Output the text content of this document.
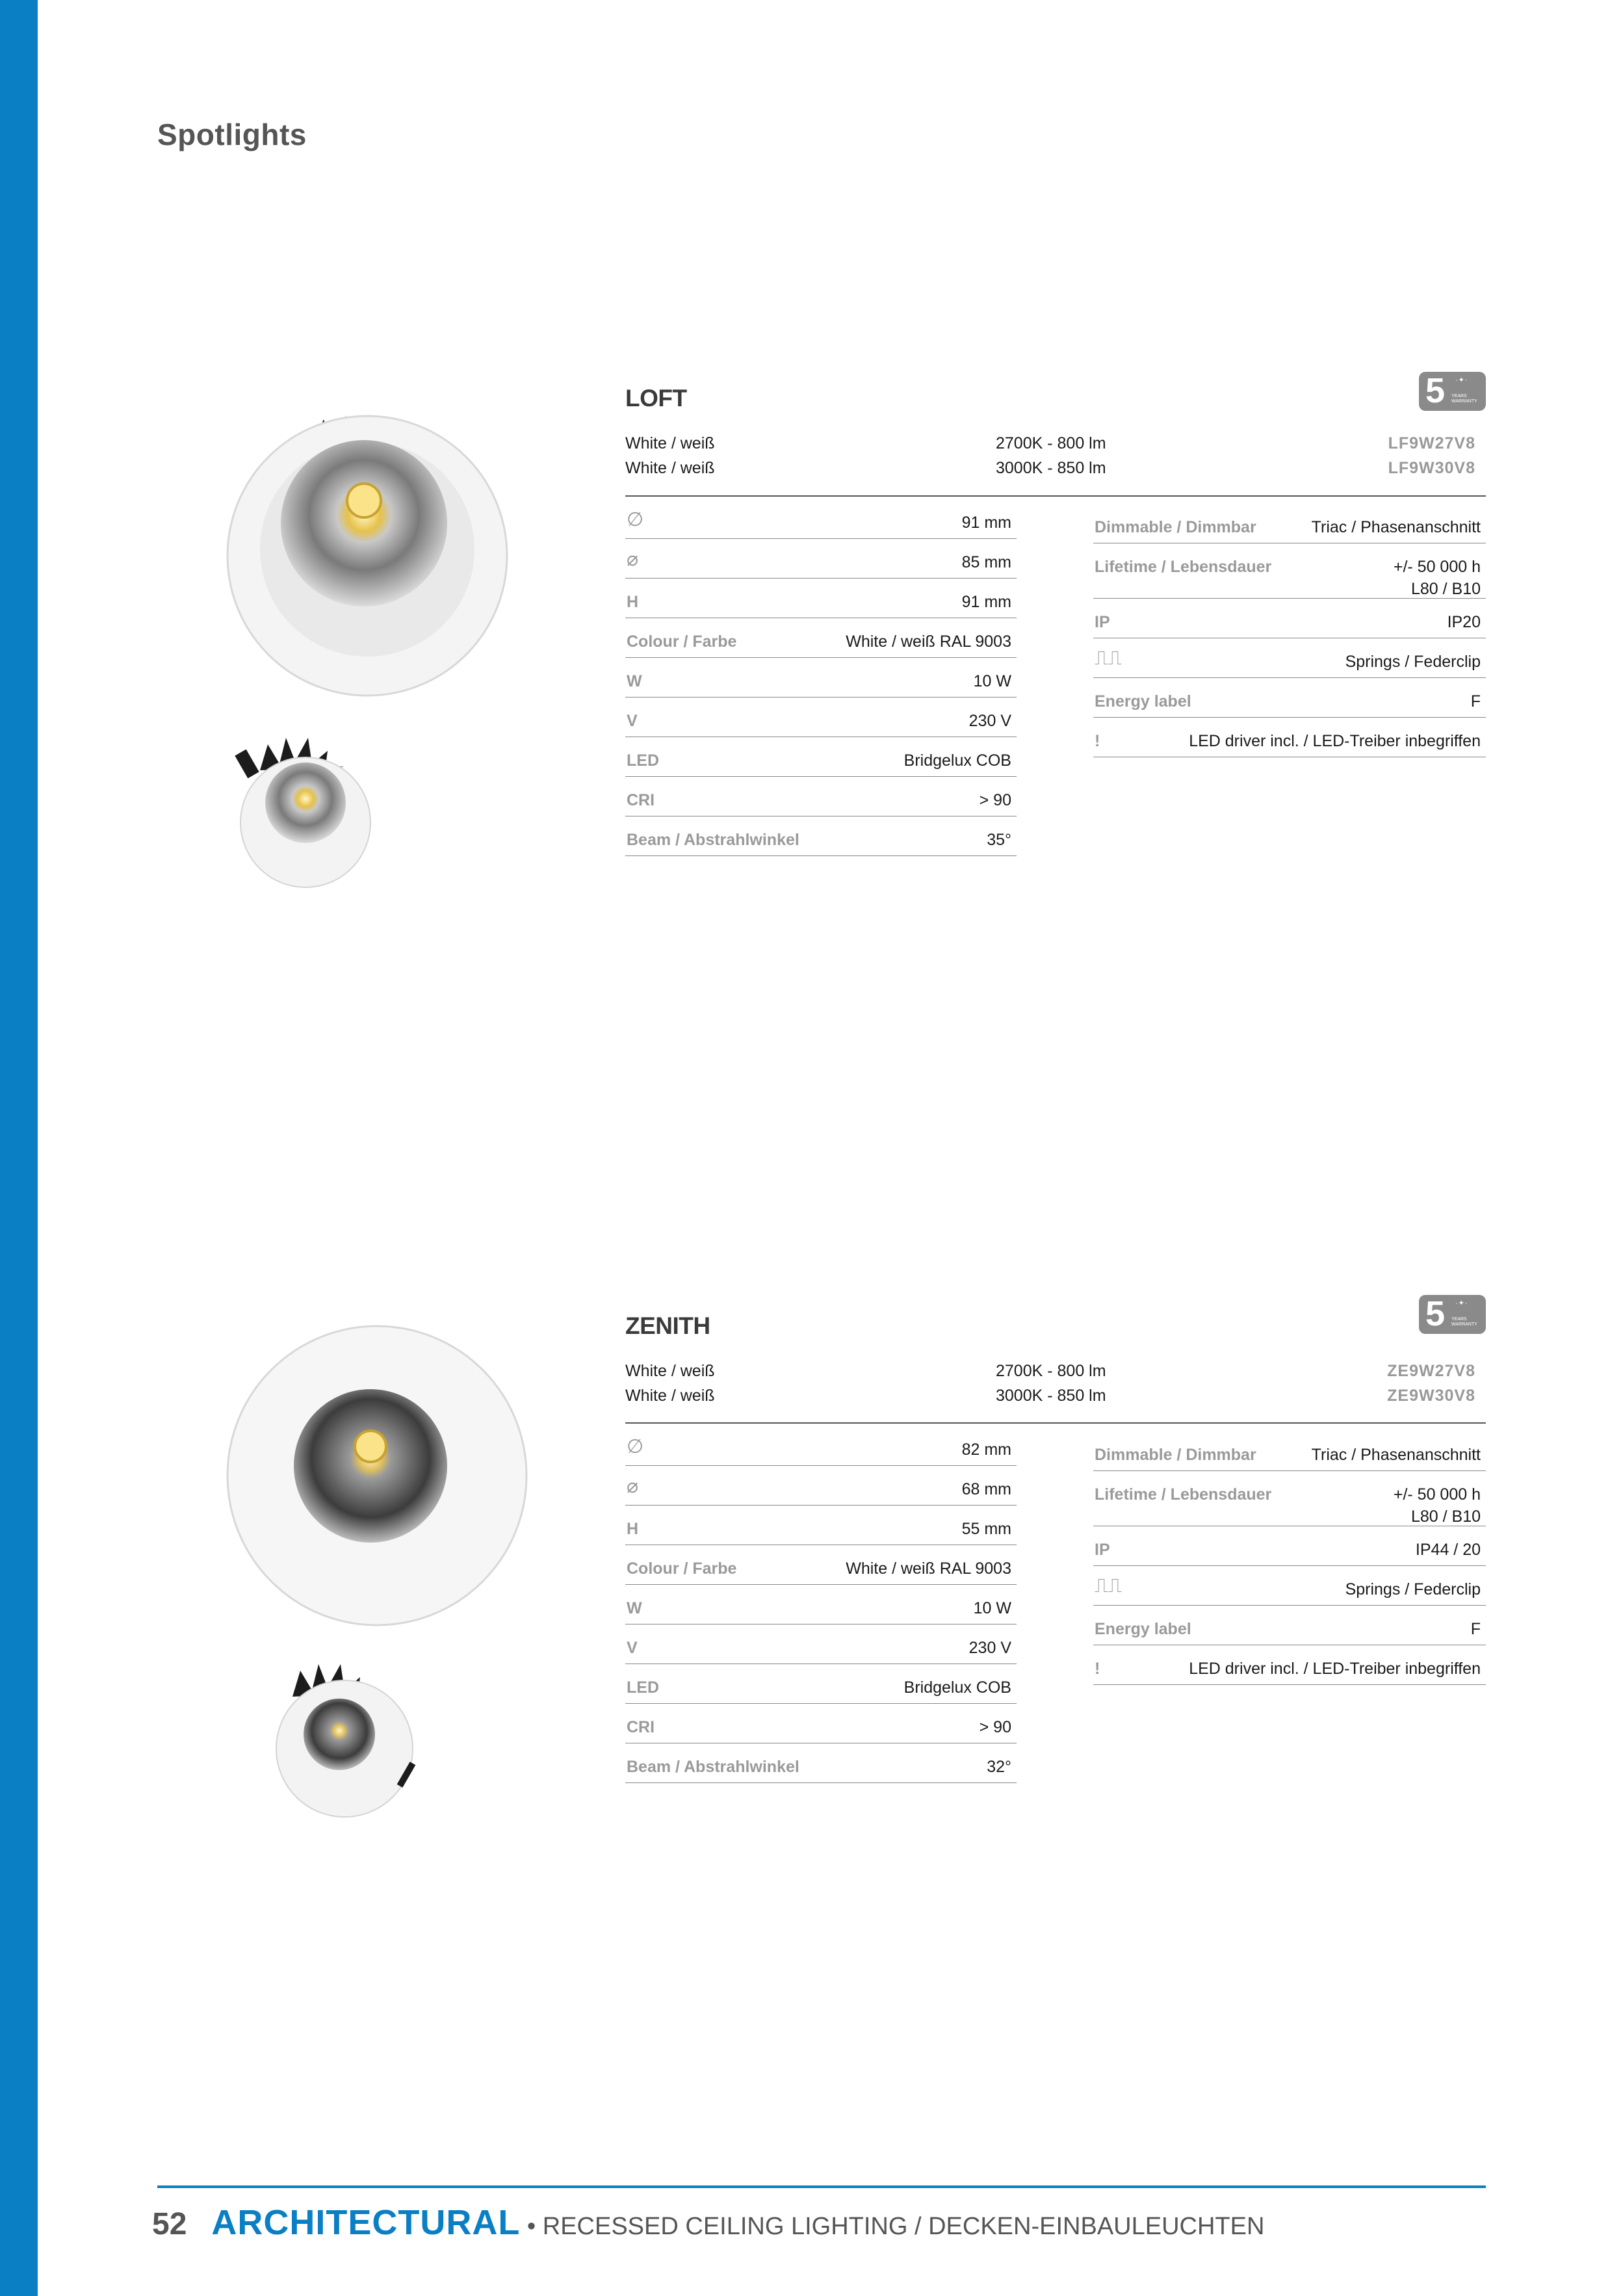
Spotlights
LOFT	5 ·✦·
YEARS WARRANTY
White / weiß	2700K - 800 lm	LF9W27V8
White / weiß	3000K - 850 lm	LF9W30V8
∅	91 mm
⌀	85 mm
H	91 mm
Colour / Farbe	White / weiß RAL 9003
W	10 W
V	230 V
LED	Bridgelux COB
CRI	> 90
Beam / Abstrahlwinkel	35°
Dimmable / Dimmbar	Triac / Phasenanschnitt
Lifetime / Lebensdauer	+/- 50 000 h
L80 / B10
IP	IP20
⎍⎍	Springs / Federclip
Energy label	F
!	LED driver incl. / LED-Treiber inbegriffen
ZENITH	5 ·✦·
YEARS WARRANTY
White / weiß	2700K - 800 lm	ZE9W27V8
White / weiß	3000K - 850 lm	ZE9W30V8
∅	82 mm
⌀	68 mm
H	55 mm
Colour / Farbe	White / weiß RAL 9003
W	10 W
V	230 V
LED	Bridgelux COB
CRI	> 90
Beam / Abstrahlwinkel	32°
Dimmable / Dimmbar	Triac / Phasenanschnitt
Lifetime / Lebensdauer	+/- 50 000 h
L80 / B10
IP	IP44 / 20
⎍⎍	Springs / Federclip
Energy label	F
!	LED driver incl. / LED-Treiber inbegriffen
52 ARCHITECTURAL • RECESSED CEILING LIGHTING / DECKEN-EINBAULEUCHTEN
